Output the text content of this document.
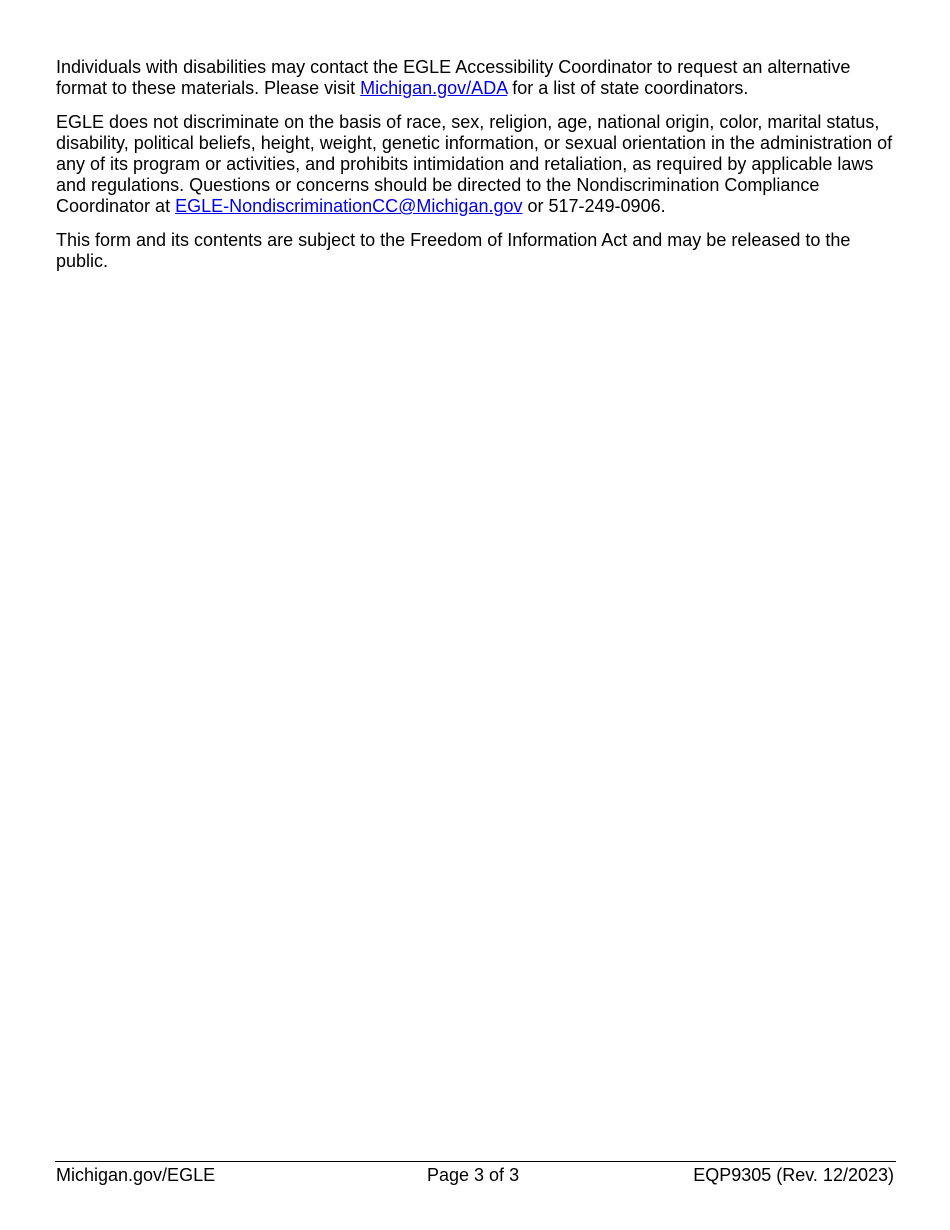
Individuals with disabilities may contact the EGLE Accessibility Coordinator to request an alternative format to these materials. Please visit Michigan.gov/ADA for a list of state coordinators.

EGLE does not discriminate on the basis of race, sex, religion, age, national origin, color, marital status, disability, political beliefs, height, weight, genetic information, or sexual orientation in the administration of any of its program or activities, and prohibits intimidation and retaliation, as required by applicable laws and regulations. Questions or concerns should be directed to the Nondiscrimination Compliance Coordinator at EGLE-NondiscriminationCC@Michigan.gov or 517-249-0906.

This form and its contents are subject to the Freedom of Information Act and may be released to the public.

Michigan.gov/EGLE	Page 3 of 3	EQP9305 (Rev. 12/2023)
